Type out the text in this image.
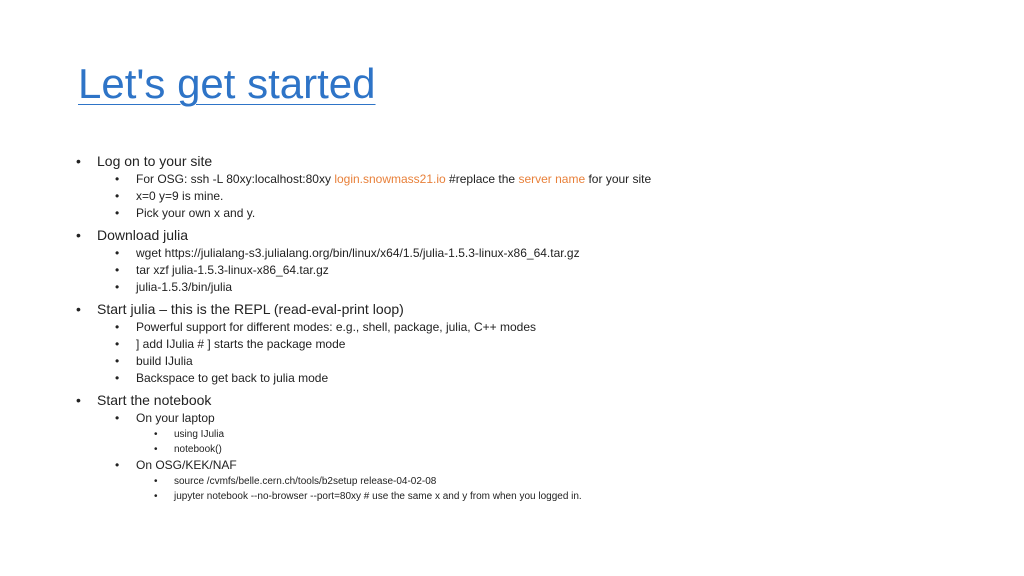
Let's get started
• Log on to your site
• For OSG: ssh -L 80xy:localhost:80xy login.snowmass21.io #replace the server name for your site
• x=0 y=9 is mine.
• Pick your own x and y.
• Download julia
• wget https://julialang-s3.julialang.org/bin/linux/x64/1.5/julia-1.5.3-linux-x86_64.tar.gz
• tar xzf julia-1.5.3-linux-x86_64.tar.gz
• julia-1.5.3/bin/julia
• Start julia – this is the REPL (read-eval-print loop)
• Powerful support for different modes: e.g., shell, package, julia, C++ modes
• ] add IJulia # ] starts the package mode
• build IJulia
• Backspace to get back to julia mode
• Start the notebook
• On your laptop
• using IJulia
• notebook()
• On OSG/KEK/NAF
• source /cvmfs/belle.cern.ch/tools/b2setup release-04-02-08
• jupyter notebook --no-browser --port=80xy # use the same x and y from when you logged in.
